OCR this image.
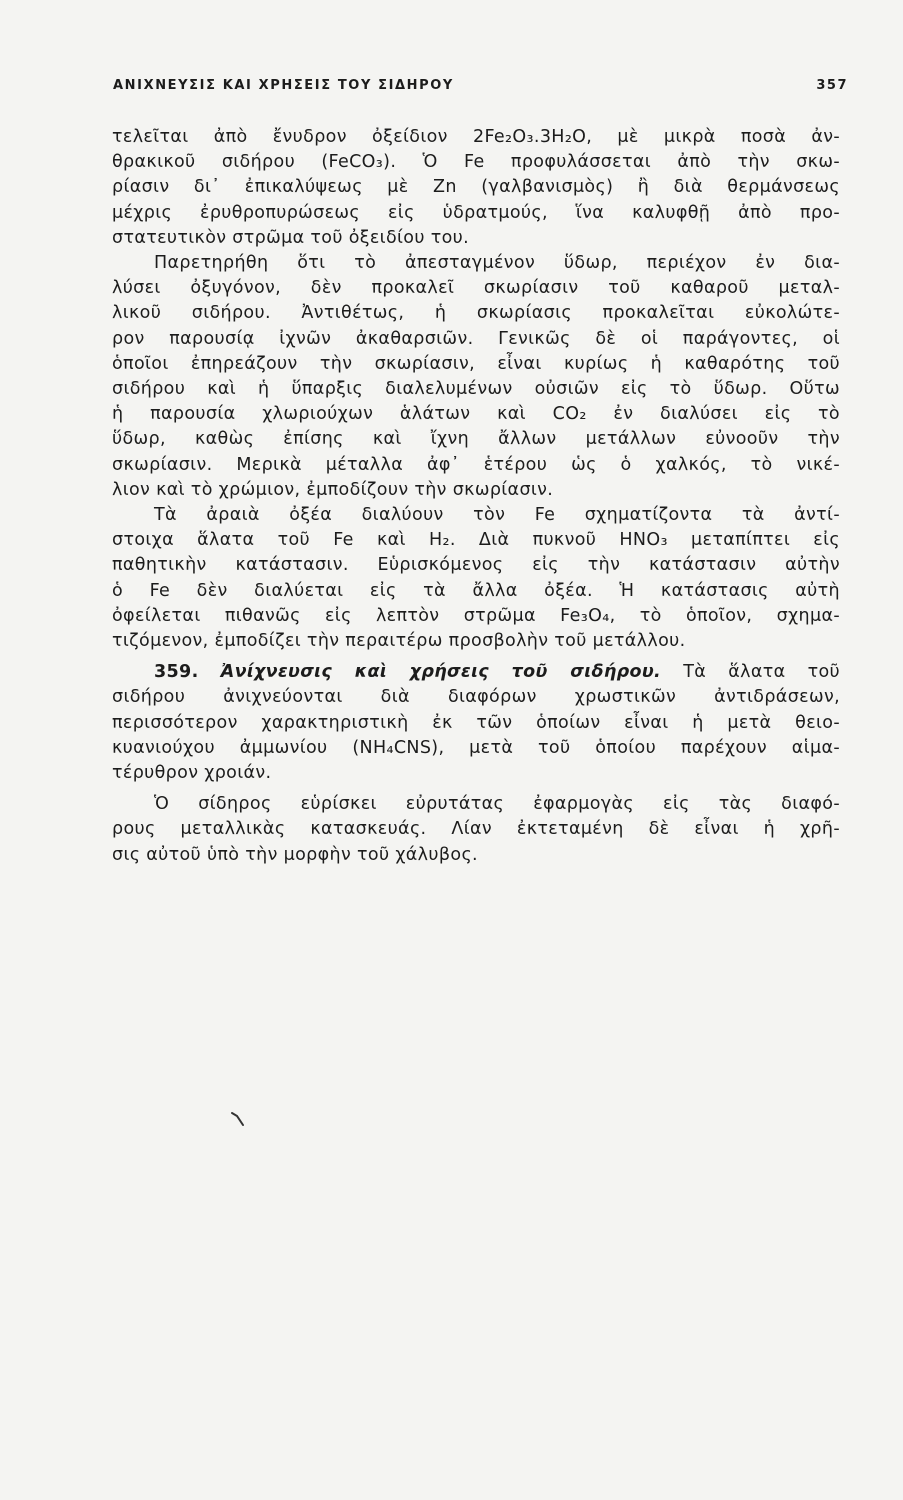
ΑΝΙΧΝΕΥΣΙΣ ΚΑΙ ΧΡΗΣΕΙΣ ΤΟΥ ΣΙΔΗΡΟΥ	357
τελεῖται ἀπὸ ἔνυδρον ὀξείδιον 2Fe₂O₃.3H₂O, μὲ μικρὰ ποσὰ ἀν-
θρακικοῦ σιδήρου (FeCO₃). Ὁ Fe προφυλάσσεται ἀπὸ τὴν σκω-
ρίασιν δι᾽ ἐπικαλύψεως μὲ Zn (γαλβανισμὸς) ἢ διὰ θερμάνσεως
μέχρις ἐρυθροπυρώσεως εἰς ὑδρατμούς, ἵνα καλυφθῇ ἀπὸ προ-
στατευτικὸν στρῶμα τοῦ ὀξειδίου του.
Παρετηρήθη ὅτι τὸ ἀπεσταγμένον ὕδωρ, περιέχον ἐν δια-
λύσει ὀξυγόνον, δὲν προκαλεῖ σκωρίασιν τοῦ καθαροῦ μεταλ-
λικοῦ σιδήρου. Ἀντιθέτως, ἡ σκωρίασις προκαλεῖται εὐκολώτε-
ρον παρουσίᾳ ἰχνῶν ἀκαθαρσιῶν. Γενικῶς δὲ οἱ παράγοντες, οἱ
ὁποῖοι ἐπηρεάζουν τὴν σκωρίασιν, εἶναι κυρίως ἡ καθαρότης τοῦ
σιδήρου καὶ ἡ ὕπαρξις διαλελυμένων οὐσιῶν εἰς τὸ ὕδωρ. Οὕτω
ἡ παρουσία χλωριούχων ἁλάτων καὶ CO₂ ἐν διαλύσει εἰς τὸ
ὕδωρ, καθὼς ἐπίσης καὶ ἴχνη ἄλλων μετάλλων εὐνοοῦν τὴν
σκωρίασιν. Μερικὰ μέταλλα ἀφ᾽ ἑτέρου ὡς ὁ χαλκός, τὸ νικέ-
λιον καὶ τὸ χρώμιον, ἐμποδίζουν τὴν σκωρίασιν.
Τὰ ἀραιὰ ὀξέα διαλύουν τὸν Fe σχηματίζοντα τὰ ἀντί-
στοιχα ἅλατα τοῦ Fe καὶ H₂. Διὰ πυκνοῦ HNO₃ μεταπίπτει εἰς
παθητικὴν κατάστασιν. Εὑρισκόμενος εἰς τὴν κατάστασιν αὐτὴν
ὁ Fe δὲν διαλύεται εἰς τὰ ἄλλα ὀξέα. Ἡ κατάστασις αὐτὴ
ὀφείλεται πιθανῶς εἰς λεπτὸν στρῶμα Fe₃O₄, τὸ ὁποῖον, σχημα-
τιζόμενον, ἐμποδίζει τὴν περαιτέρω προσβολὴν τοῦ μετάλλου.
359. Ἀνίχνευσις καὶ χρήσεις τοῦ σιδήρου. Τὰ ἅλατα τοῦ
σιδήρου ἀνιχνεύονται διὰ διαφόρων χρωστικῶν ἀντιδράσεων,
περισσότερον χαρακτηριστικὴ ἐκ τῶν ὁποίων εἶναι ἡ μετὰ θειο-
κυανιούχου ἀμμωνίου (NH₄CNS), μετὰ τοῦ ὁποίου παρέχουν αἱμα-
τέρυθρον χροιάν.
Ὁ σίδηρος εὑρίσκει εὐρυτάτας ἐφαρμογὰς εἰς τὰς διαφό-
ρους μεταλλικὰς κατασκευάς. Λίαν ἐκτεταμένη δὲ εἶναι ἡ χρῆ-
σις αὐτοῦ ὑπὸ τὴν μορφὴν τοῦ χάλυβος.
